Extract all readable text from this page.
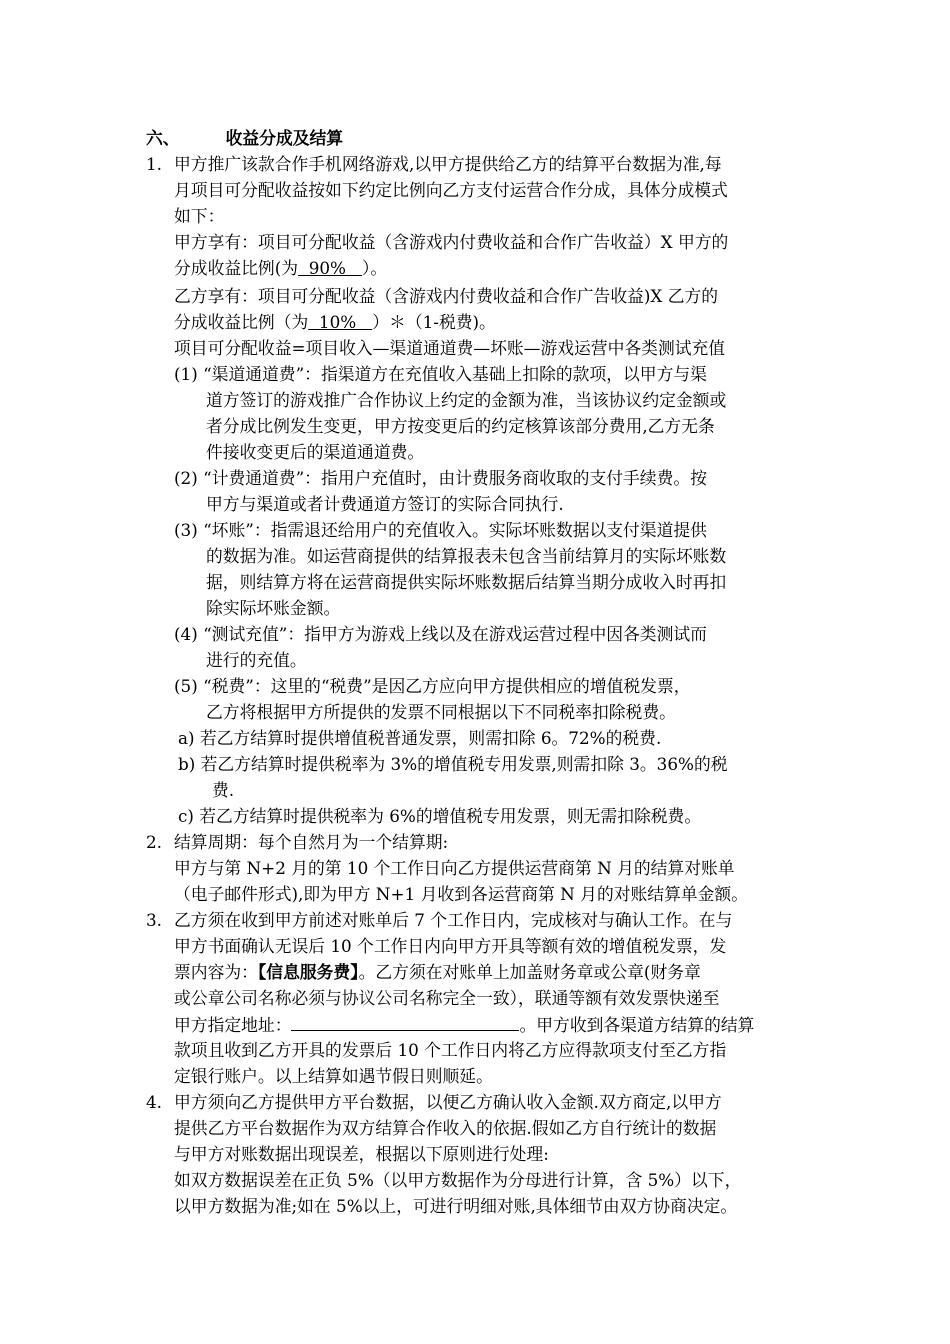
六、	收益分成及结算
1. 甲方推广该款合作手机网络游戏,以甲方提供给乙方的结算平台数据为准,每
月项目可分配收益按如下约定比例向乙方支付运营合作分成，具体分成模式
如下：
甲方享有：项目可分配收益（含游戏内付费收益和合作广告收益）X 甲方的
分成收益比例(为  90%   ）。
乙方享有：项目可分配收益（含游戏内付费收益和合作广告收益)X 乙方的
分成收益比例（为  10%   ）＊（1-税费)。
项目可分配收益=项目收入—渠道通道费—坏账—游戏运营中各类测试充值
(1) “渠道通道费”：指渠道方在充值收入基础上扣除的款项，以甲方与渠
道方签订的游戏推广合作协议上约定的金额为准，当该协议约定金额或
者分成比例发生变更，甲方按变更后的约定核算该部分费用,乙方无条
件接收变更后的渠道通道费。
(2) “计费通道费”：指用户充值时，由计费服务商收取的支付手续费。按
甲方与渠道或者计费通道方签订的实际合同执行.
(3) “坏账”：指需退还给用户的充值收入。实际坏账数据以支付渠道提供
的数据为准。如运营商提供的结算报表未包含当前结算月的实际坏账数
据，则结算方将在运营商提供实际坏账数据后结算当期分成收入时再扣
除实际坏账金额。
(4) “测试充值”：指甲方为游戏上线以及在游戏运营过程中因各类测试而
进行的充值。
(5) “税费”：这里的“税费”是因乙方应向甲方提供相应的增值税发票，
乙方将根据甲方所提供的发票不同根据以下不同税率扣除税费。
a) 若乙方结算时提供增值税普通发票，则需扣除 6。72%的税费.
b) 若乙方结算时提供税率为 3%的增值税专用发票,则需扣除 3。36%的税
费.
c) 若乙方结算时提供税率为 6%的增值税专用发票，则无需扣除税费。
2. 结算周期：每个自然月为一个结算期:
甲方与第 N+2 月的第 10 个工作日向乙方提供运营商第 N 月的结算对账单
（电子邮件形式),即为甲方 N+1 月收到各运营商第 N 月的对账结算单金额。
3. 乙方须在收到甲方前述对账单后 7 个工作日内，完成核对与确认工作。在与
甲方书面确认无误后 10 个工作日内向甲方开具等额有效的增值税发票，发
票内容为：【信息服务费】。乙方须在对账单上加盖财务章或公章(财务章
或公章公司名称必须与协议公司名称完全一致），联通等额有效发票快递至
甲方指定地址：	。甲方收到各渠道方结算的结算
款项且收到乙方开具的发票后 10 个工作日内将乙方应得款项支付至乙方指
定银行账户。以上结算如遇节假日则顺延。
4. 甲方须向乙方提供甲方平台数据，以便乙方确认收入金额.双方商定,以甲方
提供乙方平台数据作为双方结算合作收入的依据.假如乙方自行统计的数据
与甲方对账数据出现误差，根据以下原则进行处理:
如双方数据误差在正负 5%（以甲方数据作为分母进行计算，含 5%）以下，
以甲方数据为准;如在 5%以上，可进行明细对账,具体细节由双方协商决定。
